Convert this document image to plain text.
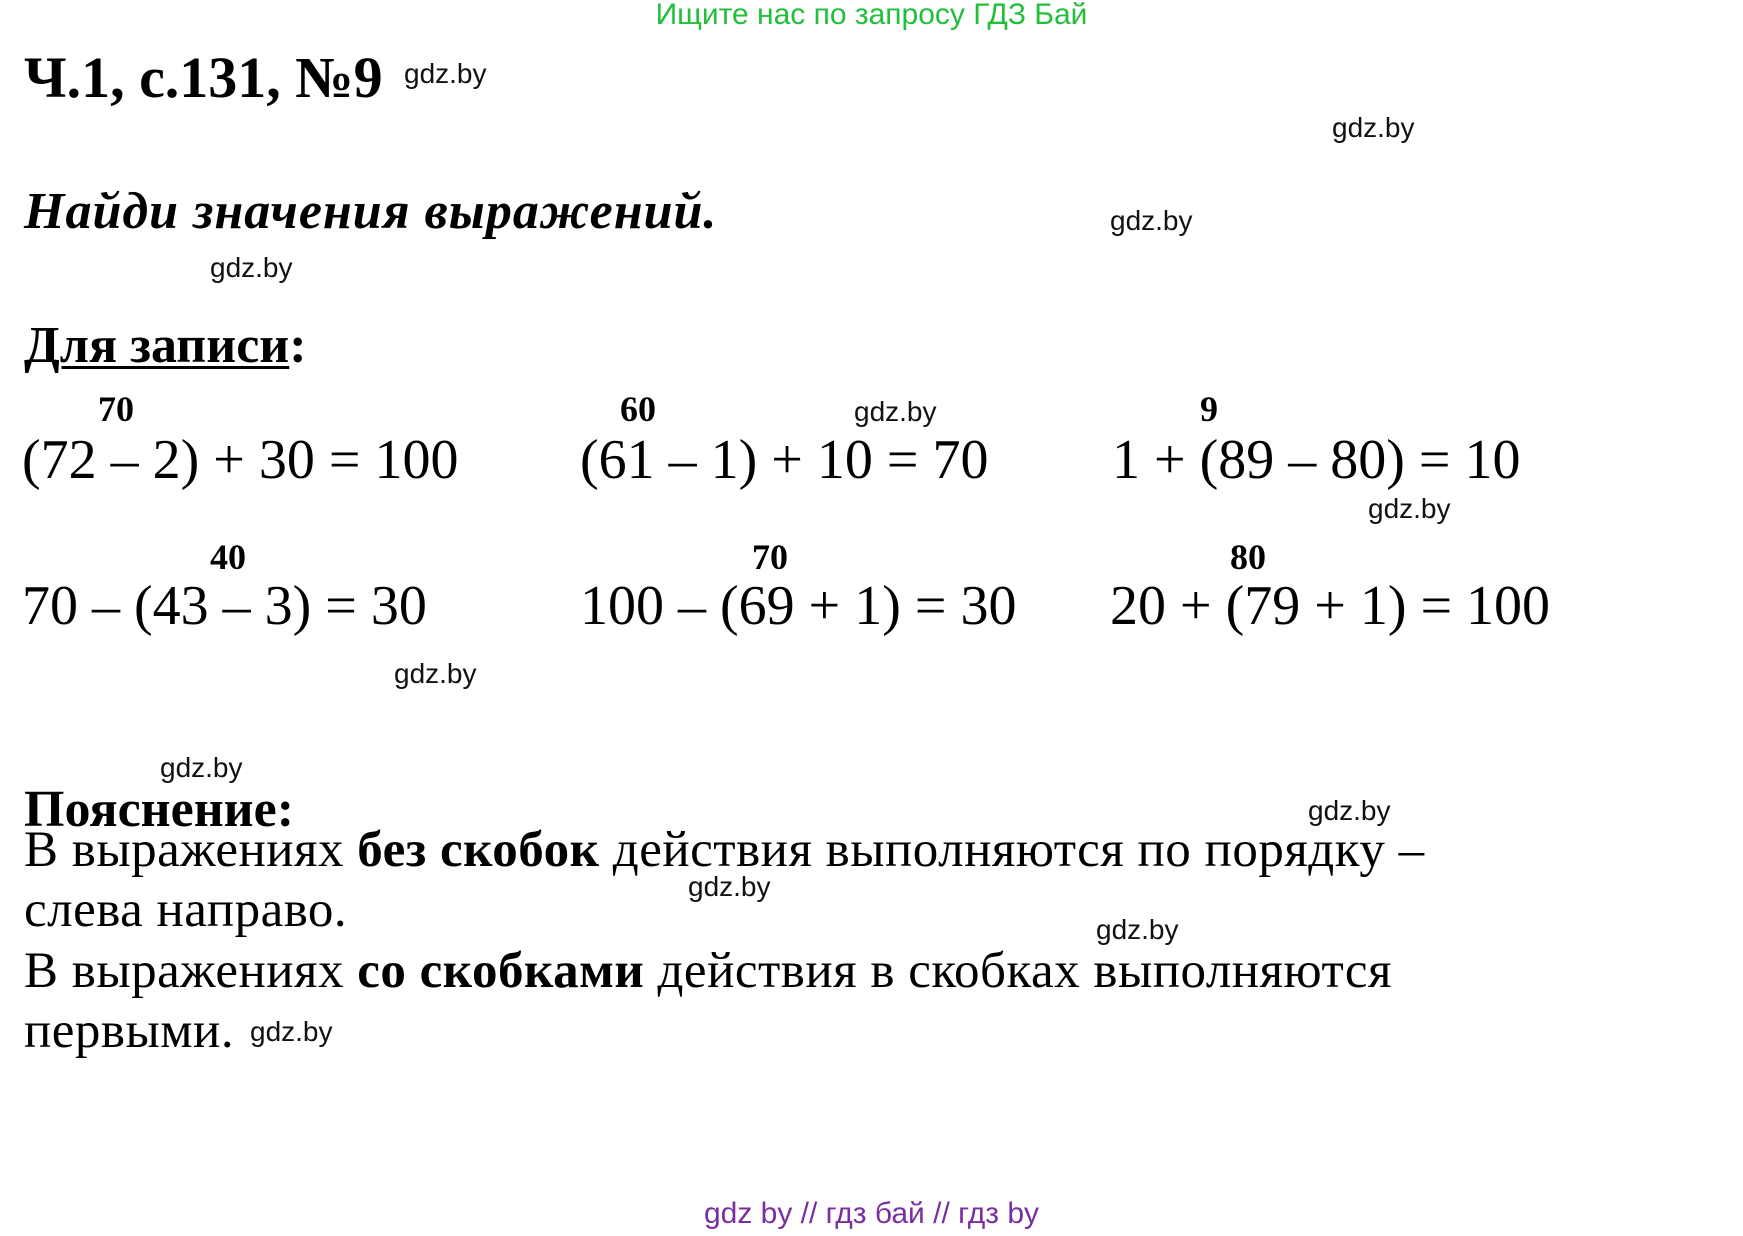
Ищите нас по запросу ГДЗ Бай
Ч.1, с.131, №9
Найди значения выражений.
Для записи:
70	60	9
(72 – 2) + 30 = 100 (61 – 1) + 10 = 70 1 + (89 – 80) = 10
40	70	80
70 – (43 – 3) = 30	100 – (69 + 1) = 30 20 + (79 + 1) = 100
Пояснение:
В выражениях без скобок действия выполняются по порядку –
слева направо.
В выражениях со скобками действия в скобках выполняются
первыми.
gdz.by
gdz.by
gdz.by
gdz.by
gdz.by
gdz.by
gdz.by
gdz.by
gdz.by
gdz.by
gdz.by
gdz.by
gdz by // гдз бай // гдз by
